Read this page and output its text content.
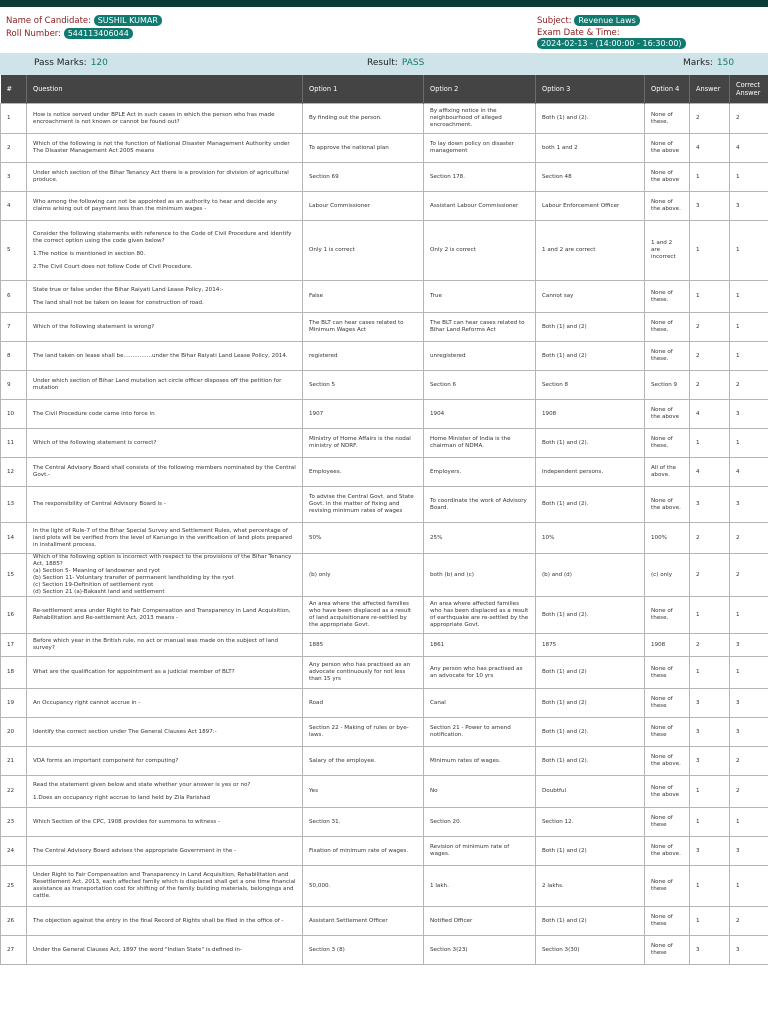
Name of Candidate: SUSHIL KUMAR
Roll Number: 544113406044
Subject: Revenue Laws
Exam Date & Time: 2024-02-13 - (14:00:00 - 16:30:00)
Pass Marks: 120	Result: PASS	Marks: 150
#	Question	Option 1	Option 2	Option 3	Option 4	Answer	Correct Answer
1	How is notice served under BPLE Act in such cases in which the person who has made encroachment is not known or cannot be found out?	By finding out the person.	By affixing notice in the neighbourhood of alleged encroachment.	Both (1) and (2).	None of these.	2	2
2	Which of the following is not the function of National Disaster Management Authority under The Disaster Management Act 2005 means	To approve the national plan	To lay down policy on disaster management	both 1 and 2	None of the above	4	4
3	Under which section of the Bihar Tenancy Act there is a provision for division of agricultural produce.	Section 69	Section 178.	Section 48	None of the above	1	1
4	Who among the following can not be appointed as an authority to hear and decide any claims arising out of payment less than the minimum wages -	Labour Commissioner	Assistant Labour Commissioner	Labour Enforcement Officer	None of the above.	3	3
5	Consider the following statements with reference to the Code of Civil Procedure and identify the correct option using the code given below?

1.The notice is mentioned in section 80.

2.The Civil Court does not follow Code of Civil Procedure.	Only 1 is correct	Only 2 is correct	1 and 2 are correct	1 and 2 are incorrect	1	1
6	State true or false under the Bihar Raiyati Land Lease Policy, 2014:-

The land shall not be taken on lease for construction of road.	False	True	Cannot say	None of these.	1	1
7	Which of the following statement is wrong?	The BLT can hear cases related to Minimum Wages Act	The BLT can hear cases related to Bihar Land Reforms Act	Both (1) and (2)	None of these.	2	1
8	The land taken on lease shall be................under the Bihar Raiyati Land Lease Policy, 2014.	registered	unregistered	Both (1) and (2)	None of these.	2	1
9	Under which section of Bihar Land mutation act circle officer disposes off the petition for mutation	Section 5	Section 6	Section 8	Section 9	2	2
10	The Civil Procedure code came into force in	1907	1904	1908	None of the above	4	3
11	Which of the following statement is correct?	Ministry of Home Affairs is the nodal ministry of NDRF.	Home Minister of India is the chairman of NDMA.	Both (1) and (2).	None of these.	1	1
12	The Central Advisory Board shall consists of the following members nominated by the Central Govt.-	Employees.	Employers.	Independent persons.	All of the above.	4	4
13	The responsibility of Central Advisory Board is -	To advise the Central Govt. and State Govt. in the matter of fixing and revising minimum rates of wages	To coordinate the work of Advisory Board.	Both (1) and (2).	None of the above.	3	3
14	In the light of Rule-7 of the Bihar Special Survey and Settlement Rules, what percentage of land plots will be verified from the level of Kanungo in the verification of land plots prepared in installment process.	50%	25%	10%	100%	2	2
15	Which of the following option is incorrect with respect to the provisions of the Bihar Tenancy Act, 1885?
(a) Section 5- Meaning of landowner and ryot
(b) Section 11- Voluntary transfer of permanent landholding by the ryot
(c) Section 19-Definition of settlement ryot
(d) Section 21 (a)-Bakasht land and settlement	(b) only	both (b) and (c)	(b) and (d)	(c) only	2	2
16	Re-settlement area under Right to Fair Compensation and Transparency in Land Acquisition, Rehabilitation and Re-settlement Act, 2013 means -	An area where the affected families who have been displaced as a result of land acquisitionare re-settled by the appropriate Govt.	An area where affected families who has been displaced as a result of earthquake are re-settled by the appropriate Govt.	Both (1) and (2).	None of these.	1	1
17	Before which year in the British rule, no act or manual was made on the subject of land survey?	1885	1861	1875	1908	2	3
18	What are the qualification for appointment as a judicial member of BLT?	Any person who has practised as an advocate continuously for not less than 15 yrs	Any person who has practised as an advocate for 10 yrs	Both (1) and (2)	None of these	1	1
19	An Occupancy right cannot accrue in -	Road	Canal	Both (1) and (2)	None of these	3	3
20	Identify the correct section under The General Clauses Act 1897:-	Section 22 - Making of rules or bye-laws.	Section 21 - Power to amend notification.	Both (1) and (2).	None of these	3	3
21	VDA forms an important component for computing?	Salary of the employee.	Minimum rates of wages.	Both (1) and (2).	None of the above.	3	2
22	Read the statement given below and state whether your answer is yes or no?

1.Does an occupancy right accrue to land held by Zila Parishad	Yes	No	Doubtful	None of the above	1	2
23	Which Section of the CPC, 1908 provides for summons to witness -	Section 31.	Section 20.	Section 12.	None of these	1	1
24	The Central Advisory Board advises the appropriate Government in the -	Fixation of minimum rate of wages.	Revision of minimum rate of wages.	Both (1) and (2)	None of the above.	3	3
25	Under Right to Fair Compensation and Transparency in Land Acquisition, Rehabilitation and Resettlement Act, 2013, each affected family which is displaced shall get a one time financial assistance as transportation cost for shifting of the family building materials, belongings and cattle.	50,000.	1 lakh.	2 lakhs.	None of these	1	1
26	The objection against the entry in the final Record of Rights shall be filed in the office of -	Assistant Settlement Officer	Notified Officer	Both (1) and (2)	None of these	1	2
27	Under the General Clauses Act, 1897 the word "Indian State" is defined in-	Section 3 (8)	Section 3(23)	Section 3(30)	None of these	3	3
